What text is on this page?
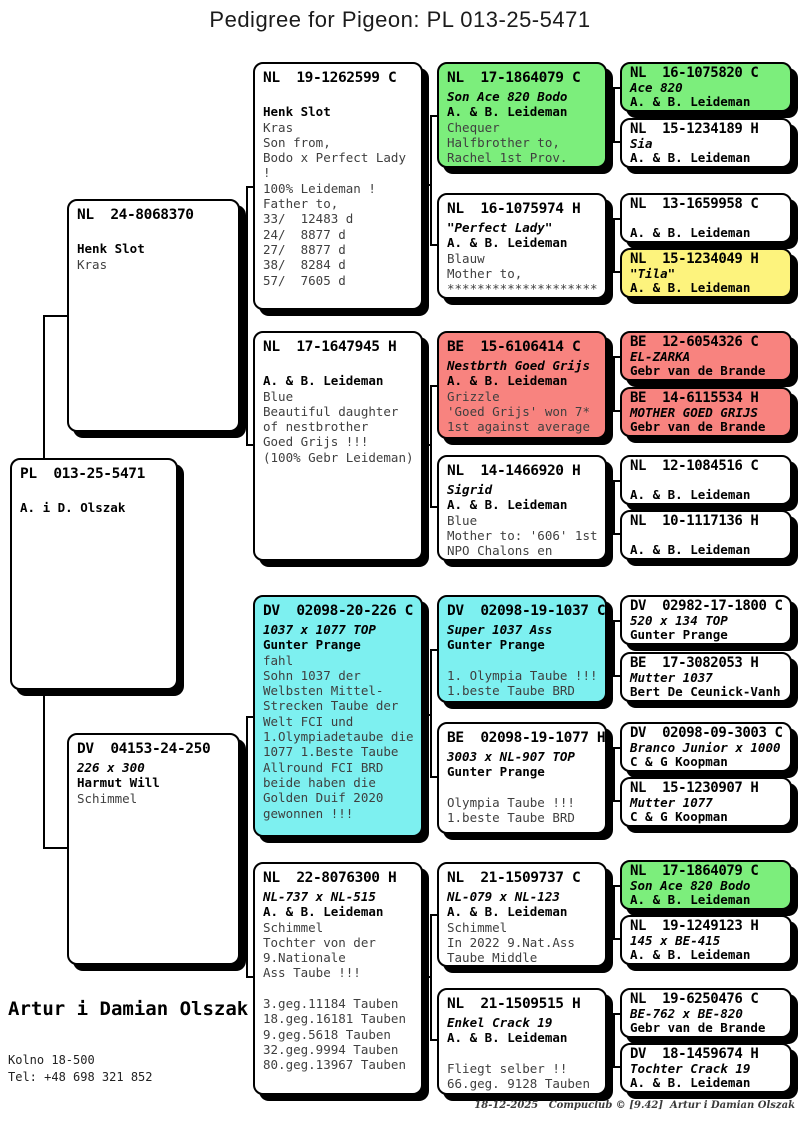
Pedigree for Pigeon: PL 013-25-5471
PL  013-25-5471
A. i D. Olszak
NL  24-8068370
Henk Slot
Kras
DV  04153-24-250
226 x 300
Harmut Will
Schimmel
NL  19-1262599 C
Henk Slot
Kras
Son from,
Bodo x Perfect Lady
!
100% Leideman !
Father to,
33/  12483 d
24/  8877 d
27/  8877 d
38/  8284 d
57/  7605 d
NL  17-1647945 H
A. & B. Leideman
Blue
Beautiful daughter
of nestbrother
Goed Grijs !!!
(100% Gebr Leideman)
DV  02098-20-226 C
1037 x 1077 TOP
Gunter Prange
fahl
Sohn 1037 der
Welbsten Mittel-
Strecken Taube der
Welt FCI und
1.Olympiadetaube die
1077 1.Beste Taube
Allround FCI BRD
beide haben die
Golden Duif 2020
gewonnen !!!
NL  22-8076300 H
NL-737 x NL-515
A. & B. Leideman
Schimmel
Tochter von der
9.Nationale
Ass Taube !!!
3.geg.11184 Tauben
18.geg.16181 Tauben
9.geg.5618 Tauben
32.geg.9994 Tauben
80.geg.13967 Tauben
NL  17-1864079 C
Son Ace 820 Bodo
A. & B. Leideman
Chequer
Halfbrother to,
Rachel 1st Prov.
NL  16-1075974 H
"Perfect Lady"
A. & B. Leideman
Blauw
Mother to,
********************
BE  15-6106414 C
Nestbrth Goed Grijs
A. & B. Leideman
Grizzle
'Goed Grijs' won 7*
1st against average
NL  14-1466920 H
Sigrid
A. & B. Leideman
Blue
Mother to: '606' 1st
NPO Chalons en
DV  02098-19-1037 C
Super 1037 Ass
Gunter Prange
1. Olympia Taube !!!
1.beste Taube BRD
BE  02098-19-1077 H
3003 x NL-907 TOP
Gunter Prange
Olympia Taube !!!
1.beste Taube BRD
NL  21-1509737 C
NL-079 x NL-123
A. & B. Leideman
Schimmel
In 2022 9.Nat.Ass
Taube Middle
NL  21-1509515 H
Enkel Crack 19
A. & B. Leideman
Fliegt selber !!
66.geg. 9128 Tauben
NL  16-1075820 C
Ace 820
A. & B. Leideman
NL  15-1234189 H
Sia
A. & B. Leideman
NL  13-1659958 C
A. & B. Leideman
NL  15-1234049 H
"Tila"
A. & B. Leideman
BE  12-6054326 C
EL-ZARKA
Gebr van de Brande
BE  14-6115534 H
MOTHER GOED GRIJS
Gebr van de Brande
NL  12-1084516 C
A. & B. Leideman
NL  10-1117136 H
A. & B. Leideman
DV  02982-17-1800 C
520 x 134 TOP
Gunter Prange
BE  17-3082053 H
Mutter 1037
Bert De Ceunick-Vanh
DV  02098-09-3003 C
Branco Junior x 1000
C & G Koopman
NL  15-1230907 H
Mutter 1077
C & G Koopman
NL  17-1864079 C
Son Ace 820 Bodo
A. & B. Leideman
NL  19-1249123 H
145 x BE-415
A. & B. Leideman
NL  19-6250476 C
BE-762 x BE-820
Gebr van de Brande
DV  18-1459674 H
Tochter Crack 19
A. & B. Leideman
Artur i Damian Olszak
Kolno 18-500
Tel: +48 698 321 852
18-12-2025   Compuclub © [9.42]  Artur i Damian Olszak
